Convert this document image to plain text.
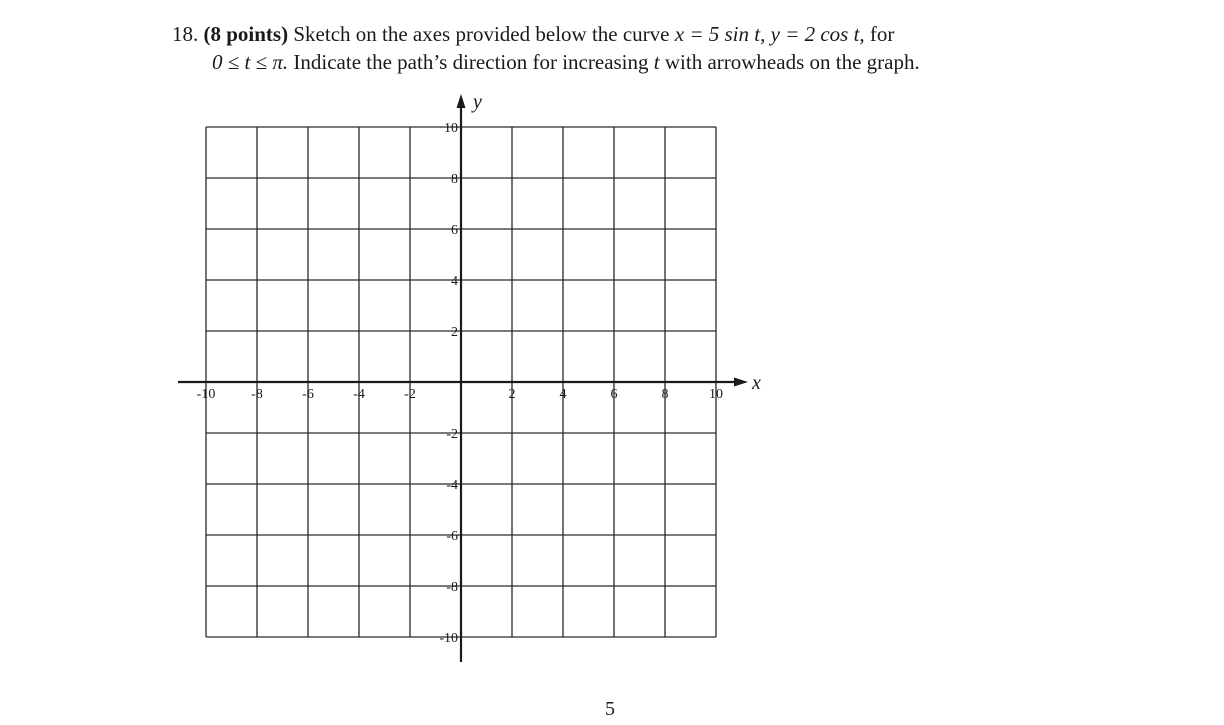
18. (8 points) Sketch on the axes provided below the curve x = 5 sin t, y = 2 cos t, for
0 ≤ t ≤ π. Indicate the path’s direction for increasing t with arrowheads on the graph.
x
y
-10	-8	-6	-4	-2	2	4	6	8	10
10
8
6
4
2
-2
-4
-6
-8
-10
5
